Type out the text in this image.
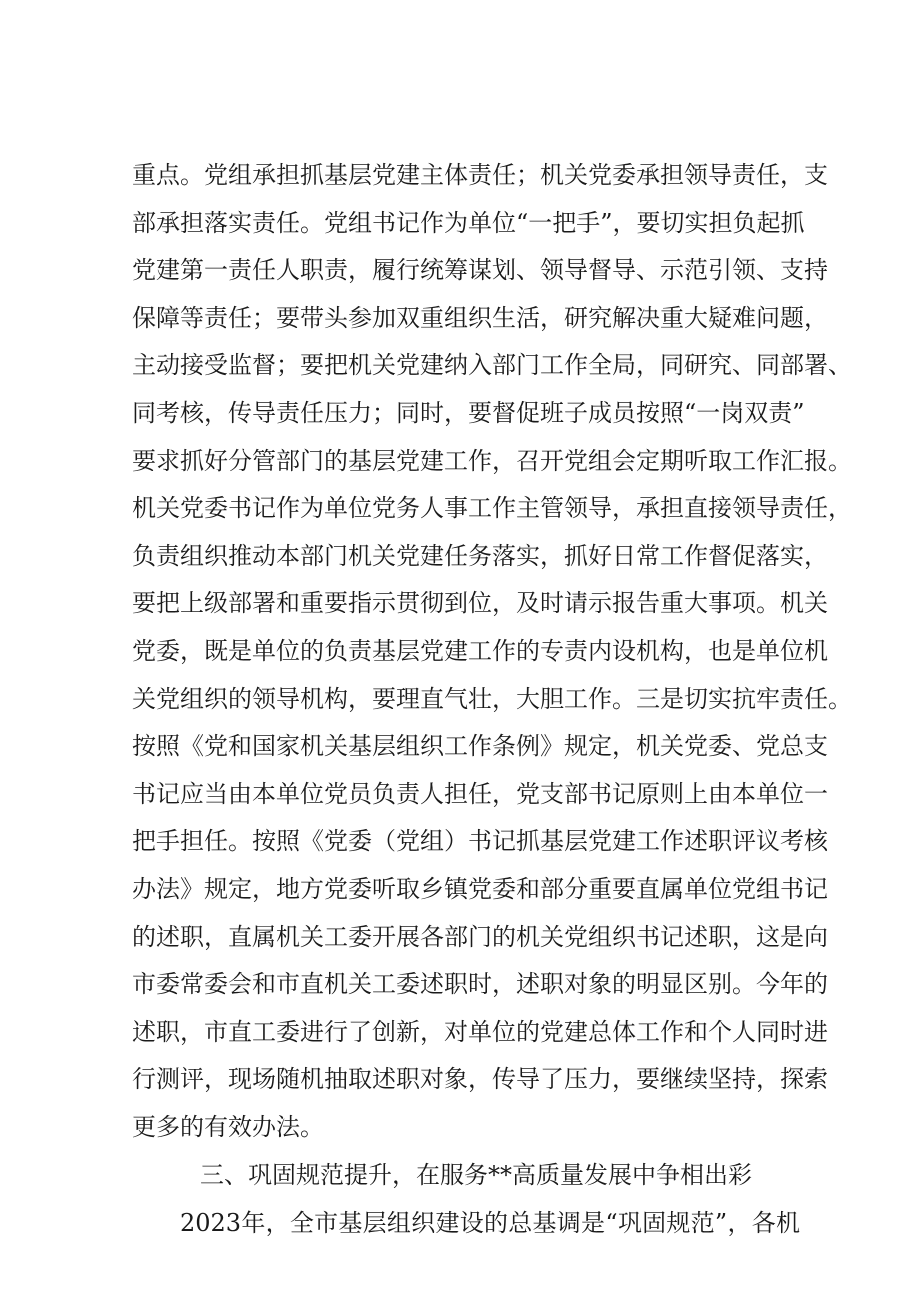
重点。党组承担抓基层党建主体责任；机关党委承担领导责任，支
部承担落实责任。党组书记作为单位“一把手”，要切实担负起抓
党建第一责任人职责，履行统筹谋划、领导督导、示范引领、支持
保障等责任；要带头参加双重组织生活，研究解决重大疑难问题，
主动接受监督；要把机关党建纳入部门工作全局，同研究、同部署、
同考核，传导责任压力；同时，要督促班子成员按照“一岗双责”
要求抓好分管部门的基层党建工作，召开党组会定期听取工作汇报。
机关党委书记作为单位党务人事工作主管领导，承担直接领导责任，
负责组织推动本部门机关党建任务落实，抓好日常工作督促落实，
要把上级部署和重要指示贯彻到位，及时请示报告重大事项。机关
党委，既是单位的负责基层党建工作的专责内设机构，也是单位机
关党组织的领导机构，要理直气壮，大胆工作。三是切实抗牢责任。
按照《党和国家机关基层组织工作条例》规定，机关党委、党总支
书记应当由本单位党员负责人担任，党支部书记原则上由本单位一
把手担任。按照《党委（党组）书记抓基层党建工作述职评议考核
办法》规定，地方党委听取乡镇党委和部分重要直属单位党组书记
的述职，直属机关工委开展各部门的机关党组织书记述职，这是向
市委常委会和市直机关工委述职时，述职对象的明显区别。今年的
述职，市直工委进行了创新，对单位的党建总体工作和个人同时进
行测评，现场随机抽取述职对象，传导了压力，要继续坚持，探索
更多的有效办法。
三、巩固规范提升，在服务**高质量发展中争相出彩
2023年，全市基层组织建设的总基调是“巩固规范”，各机
